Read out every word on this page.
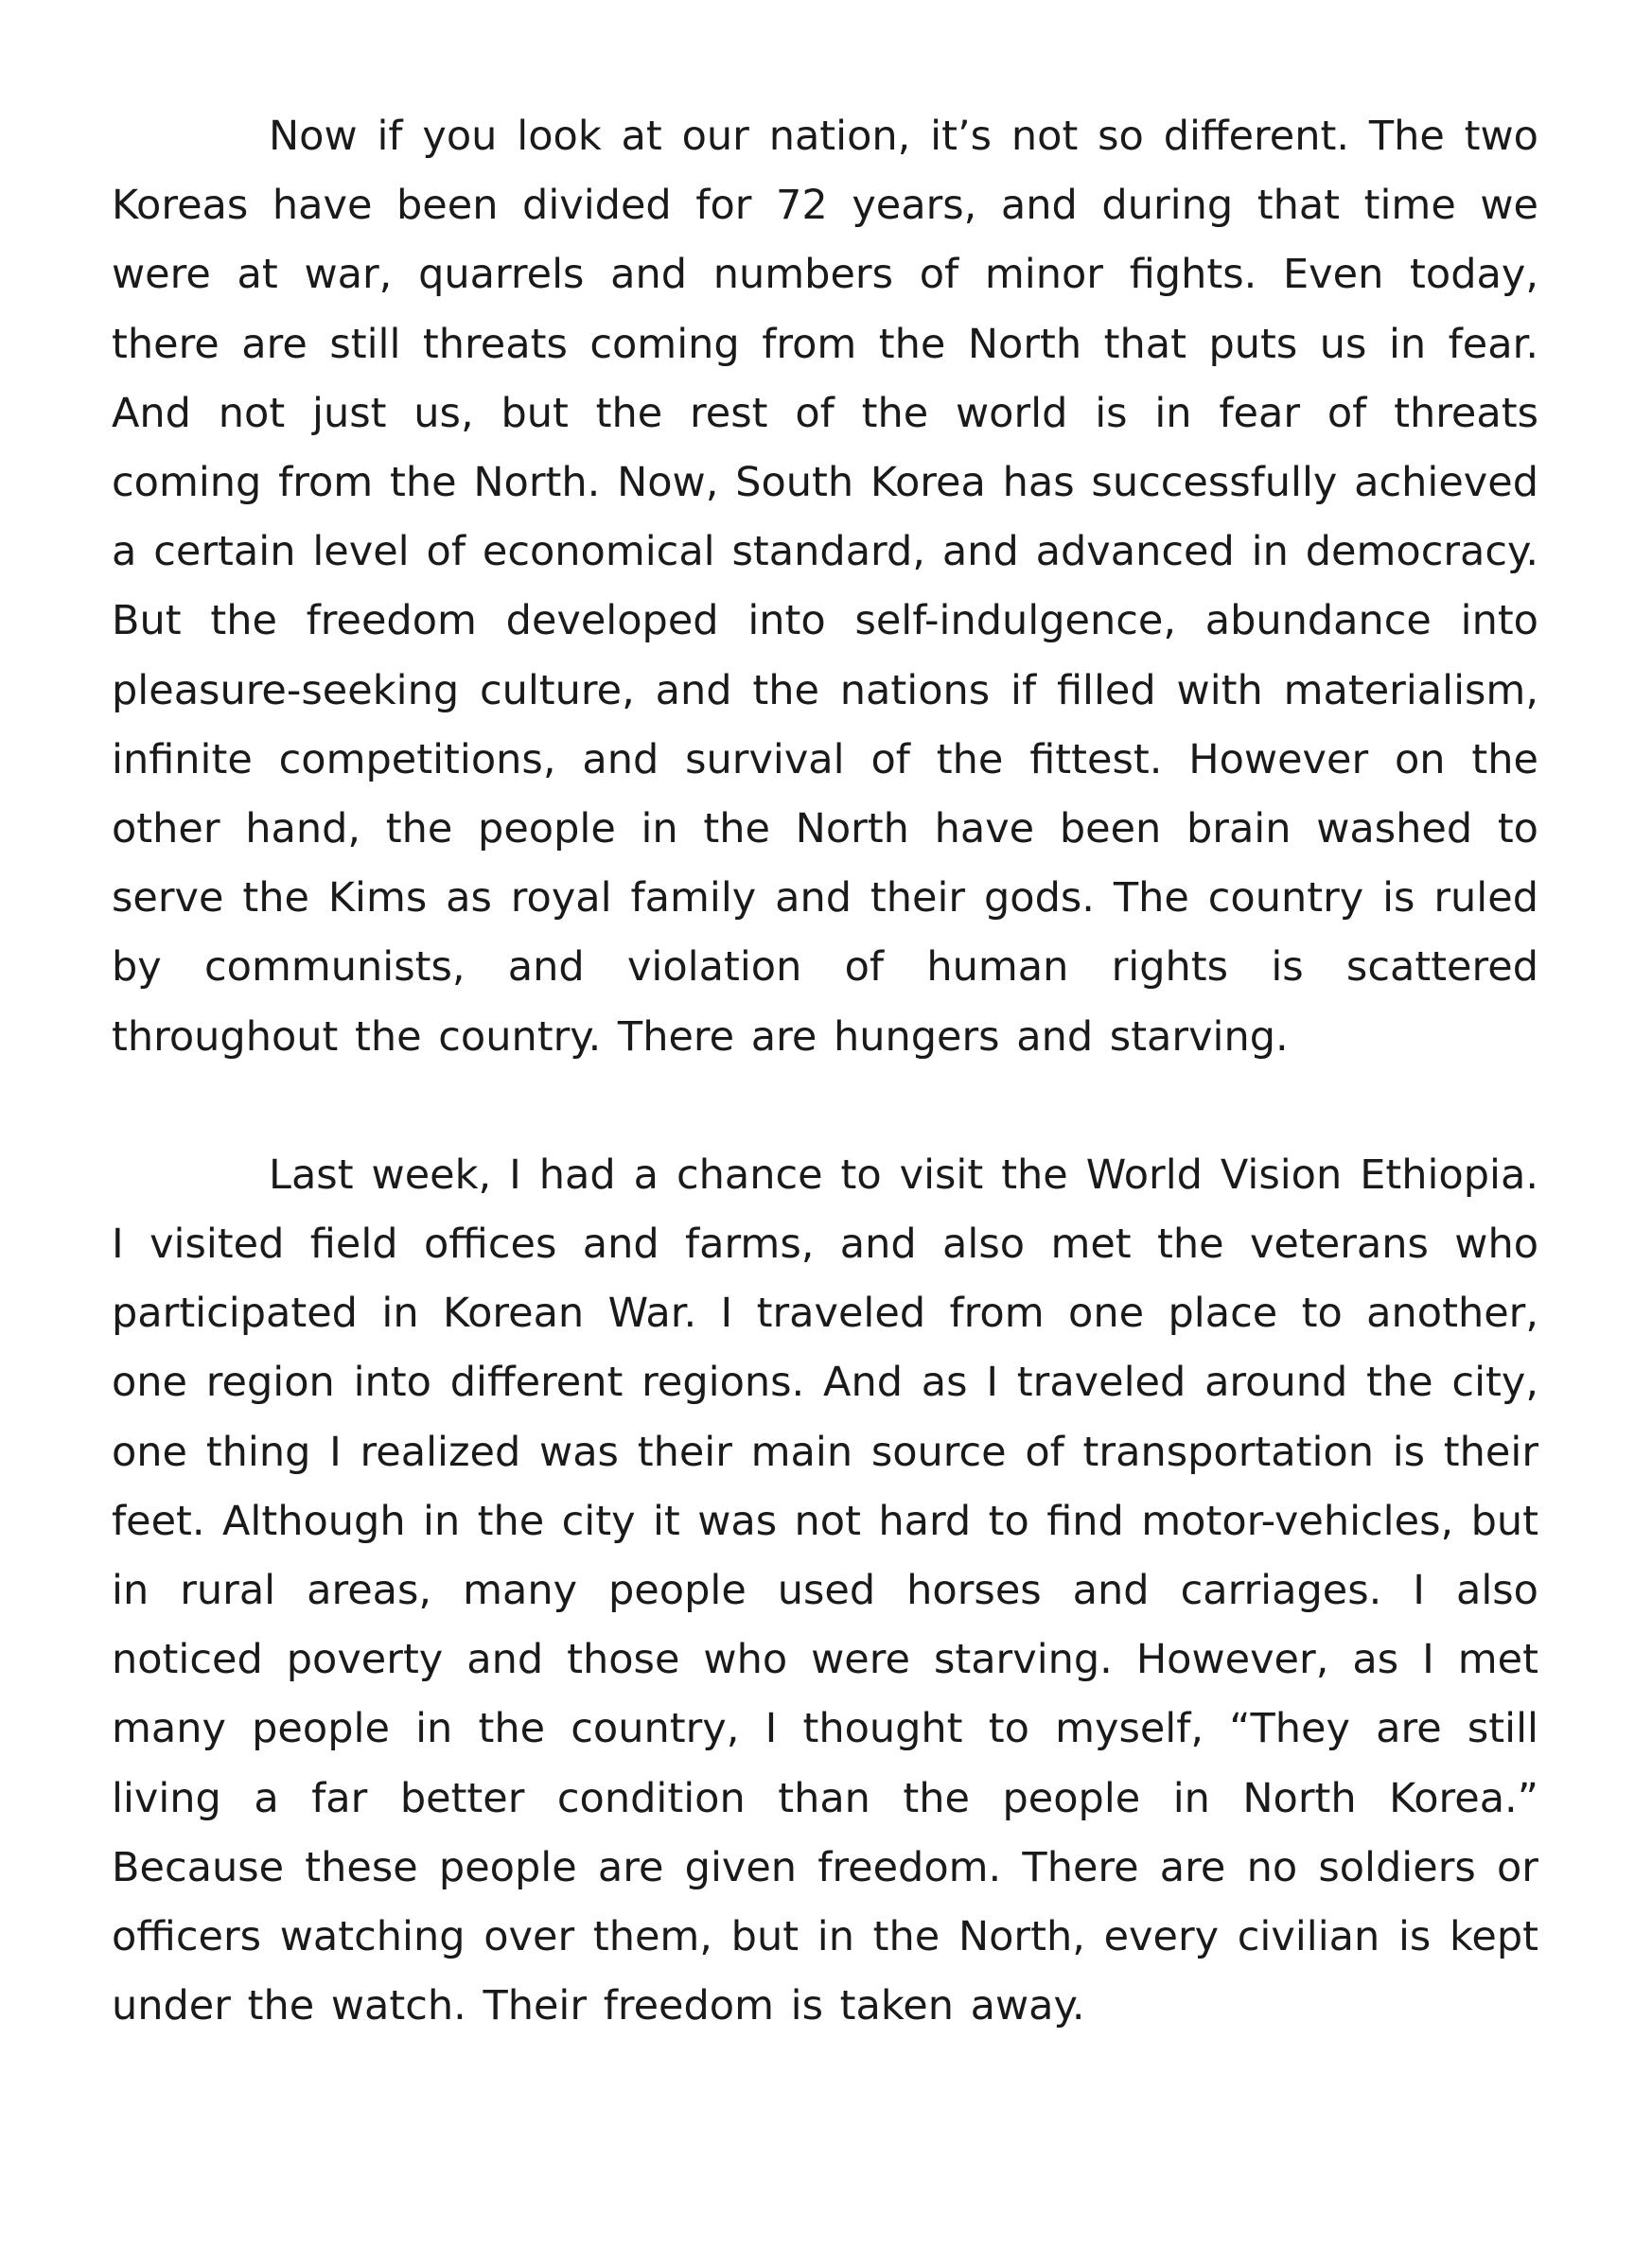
Now if you look at our nation, it’s not so different. The two Koreas have been divided for 72 years, and during that time we were at war, quarrels and numbers of minor fights. Even today, there are still threats coming from the North that puts us in fear. And not just us, but the rest of the world is in fear of threats coming from the North. Now, South Korea has successfully achieved a certain level of economical standard, and advanced in democracy. But the freedom developed into self-indulgence, abundance into pleasure-seeking culture, and the nations if filled with materialism, infinite competitions, and survival of the fittest. However on the other hand, the people in the North have been brain washed to serve the Kims as royal family and their gods. The country is ruled by communists, and violation of human rights is scattered throughout the country. There are hungers and starving.

Last week, I had a chance to visit the World Vision Ethiopia. I visited field offices and farms, and also met the veterans who participated in Korean War. I traveled from one place to another, one region into different regions. And as I traveled around the city, one thing I realized was their main source of transportation is their feet. Although in the city it was not hard to find motor-vehicles, but in rural areas, many people used horses and carriages. I also noticed poverty and those who were starving. However, as I met many people in the country, I thought to myself, “They are still living a far better condition than the people in North Korea.” Because these people are given freedom. There are no soldiers or officers watching over them, but in the North, every civilian is kept under the watch. Their freedom is taken away.
